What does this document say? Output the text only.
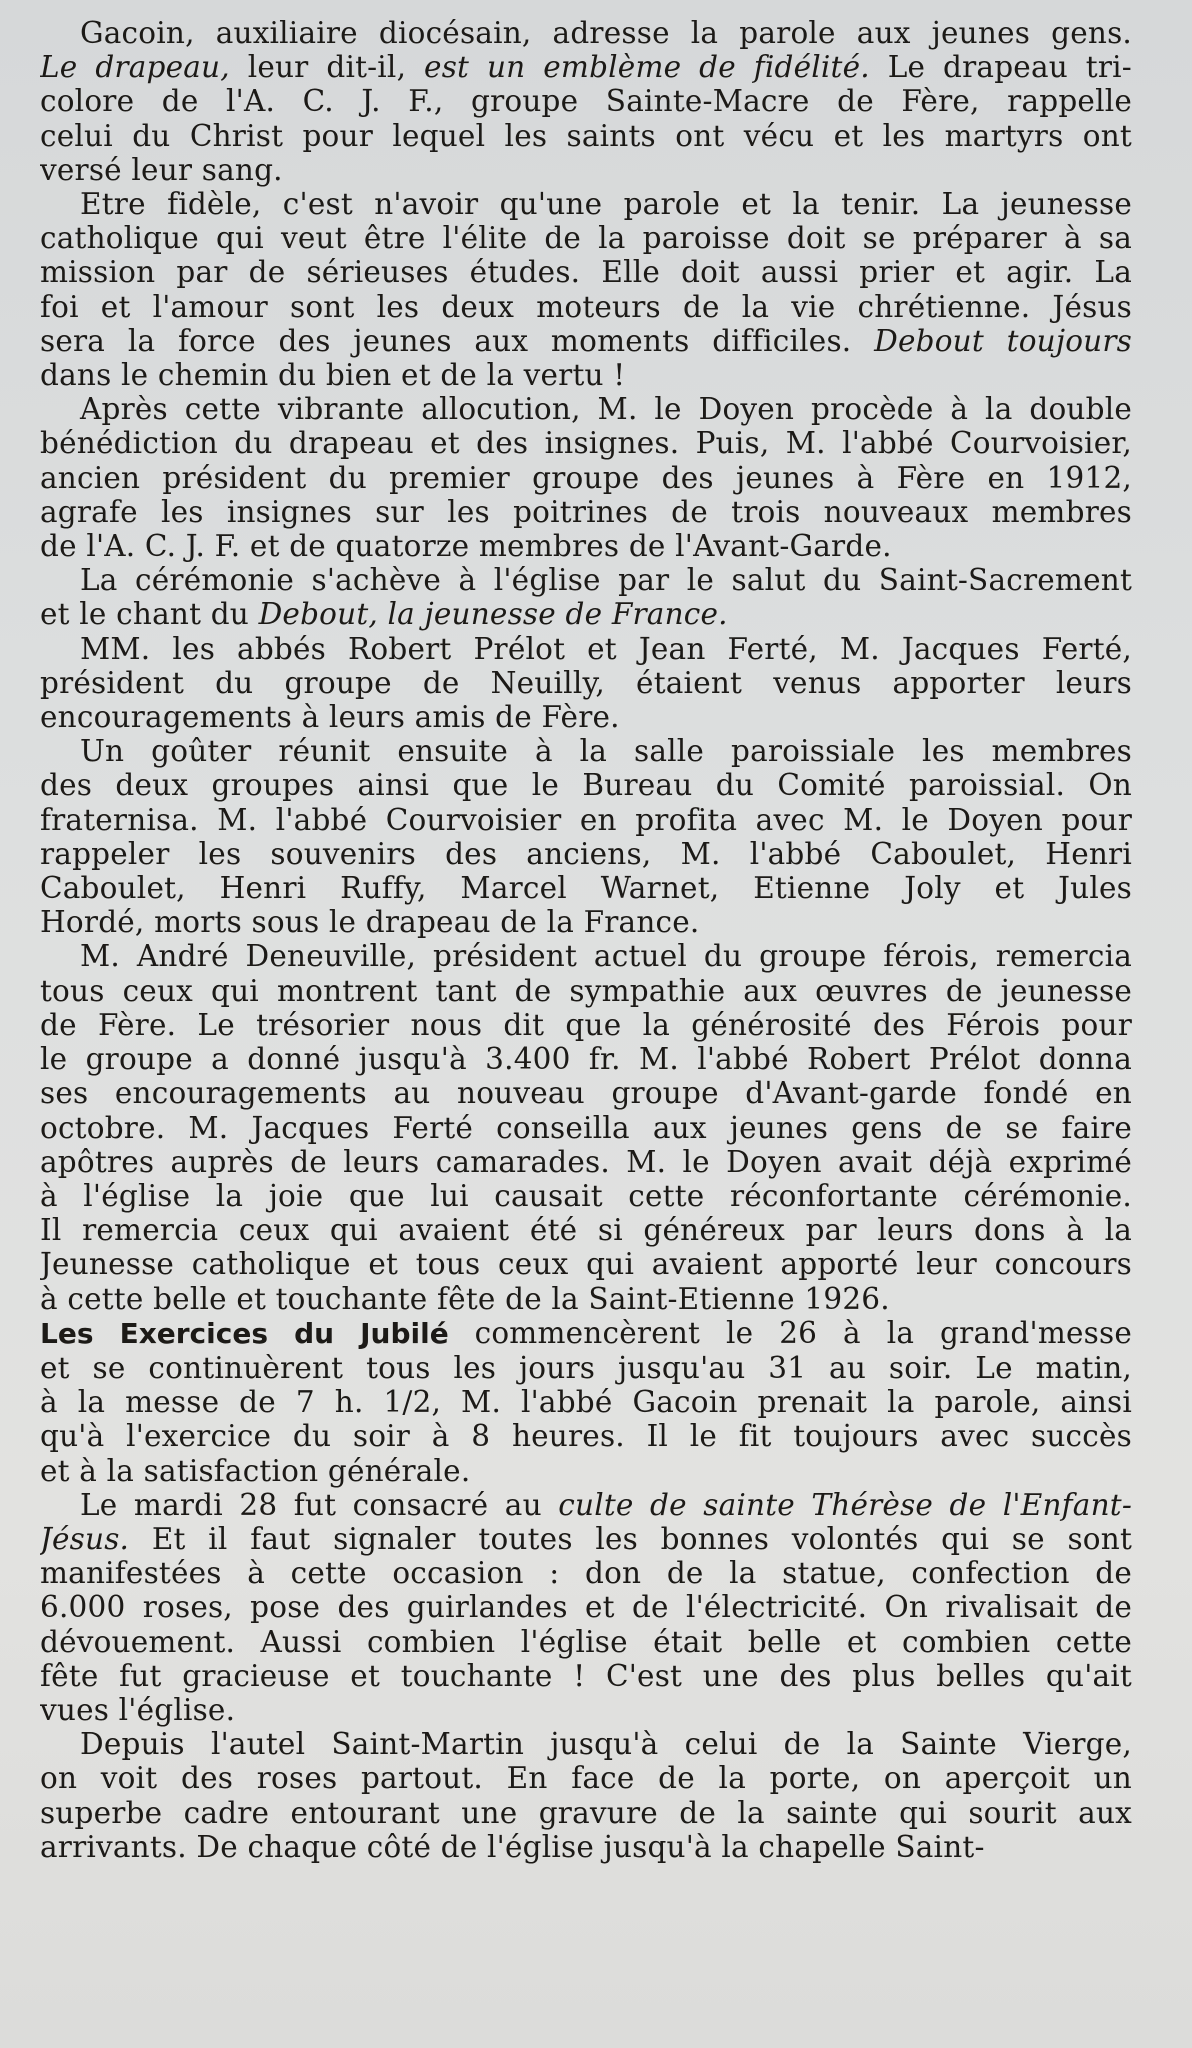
Gacoin, auxiliaire diocésain, adresse la parole aux jeunes gens.
Le drapeau, leur dit-il, est un emblème de fidélité. Le drapeau tri-
colore de l'A. C. J. F., groupe Sainte-Macre de Fère, rappelle
celui du Christ pour lequel les saints ont vécu et les martyrs ont
versé leur sang.
Etre fidèle, c'est n'avoir qu'une parole et la tenir. La jeunesse
catholique qui veut être l'élite de la paroisse doit se préparer à sa
mission par de sérieuses études. Elle doit aussi prier et agir. La
foi et l'amour sont les deux moteurs de la vie chrétienne. Jésus
sera la force des jeunes aux moments difficiles. Debout toujours
dans le chemin du bien et de la vertu !
Après cette vibrante allocution, M. le Doyen procède à la double
bénédiction du drapeau et des insignes. Puis, M. l'abbé Courvoisier,
ancien président du premier groupe des jeunes à Fère en 1912,
agrafe les insignes sur les poitrines de trois nouveaux membres
de l'A. C. J. F. et de quatorze membres de l'Avant-Garde.
La cérémonie s'achève à l'église par le salut du Saint-Sacrement
et le chant du Debout, la jeunesse de France.
MM. les abbés Robert Prélot et Jean Ferté, M. Jacques Ferté,
président du groupe de Neuilly, étaient venus apporter leurs
encouragements à leurs amis de Fère.
Un goûter réunit ensuite à la salle paroissiale les membres
des deux groupes ainsi que le Bureau du Comité paroissial. On
fraternisa. M. l'abbé Courvoisier en profita avec M. le Doyen pour
rappeler les souvenirs des anciens, M. l'abbé Caboulet, Henri
Caboulet, Henri Ruffy, Marcel Warnet, Etienne Joly et Jules
Hordé, morts sous le drapeau de la France.
M. André Deneuville, président actuel du groupe férois, remercia
tous ceux qui montrent tant de sympathie aux œuvres de jeunesse
de Fère. Le trésorier nous dit que la générosité des Férois pour
le groupe a donné jusqu'à 3.400 fr. M. l'abbé Robert Prélot donna
ses encouragements au nouveau groupe d'Avant-garde fondé en
octobre. M. Jacques Ferté conseilla aux jeunes gens de se faire
apôtres auprès de leurs camarades. M. le Doyen avait déjà exprimé
à l'église la joie que lui causait cette réconfortante cérémonie.
Il remercia ceux qui avaient été si généreux par leurs dons à la
Jeunesse catholique et tous ceux qui avaient apporté leur concours
à cette belle et touchante fête de la Saint-Etienne 1926.
Les Exercices du Jubilé commencèrent le 26 à la grand'messe
et se continuèrent tous les jours jusqu'au 31 au soir. Le matin,
à la messe de 7 h. 1/2, M. l'abbé Gacoin prenait la parole, ainsi
qu'à l'exercice du soir à 8 heures. Il le fit toujours avec succès
et à la satisfaction générale.
Le mardi 28 fut consacré au culte de sainte Thérèse de l'Enfant-
Jésus. Et il faut signaler toutes les bonnes volontés qui se sont
manifestées à cette occasion : don de la statue, confection de
6.000 roses, pose des guirlandes et de l'électricité. On rivalisait de
dévouement. Aussi combien l'église était belle et combien cette
fête fut gracieuse et touchante ! C'est une des plus belles qu'ait
vues l'église.
Depuis l'autel Saint-Martin jusqu'à celui de la Sainte Vierge,
on voit des roses partout. En face de la porte, on aperçoit un
superbe cadre entourant une gravure de la sainte qui sourit aux
arrivants. De chaque côté de l'église jusqu'à la chapelle Saint-
